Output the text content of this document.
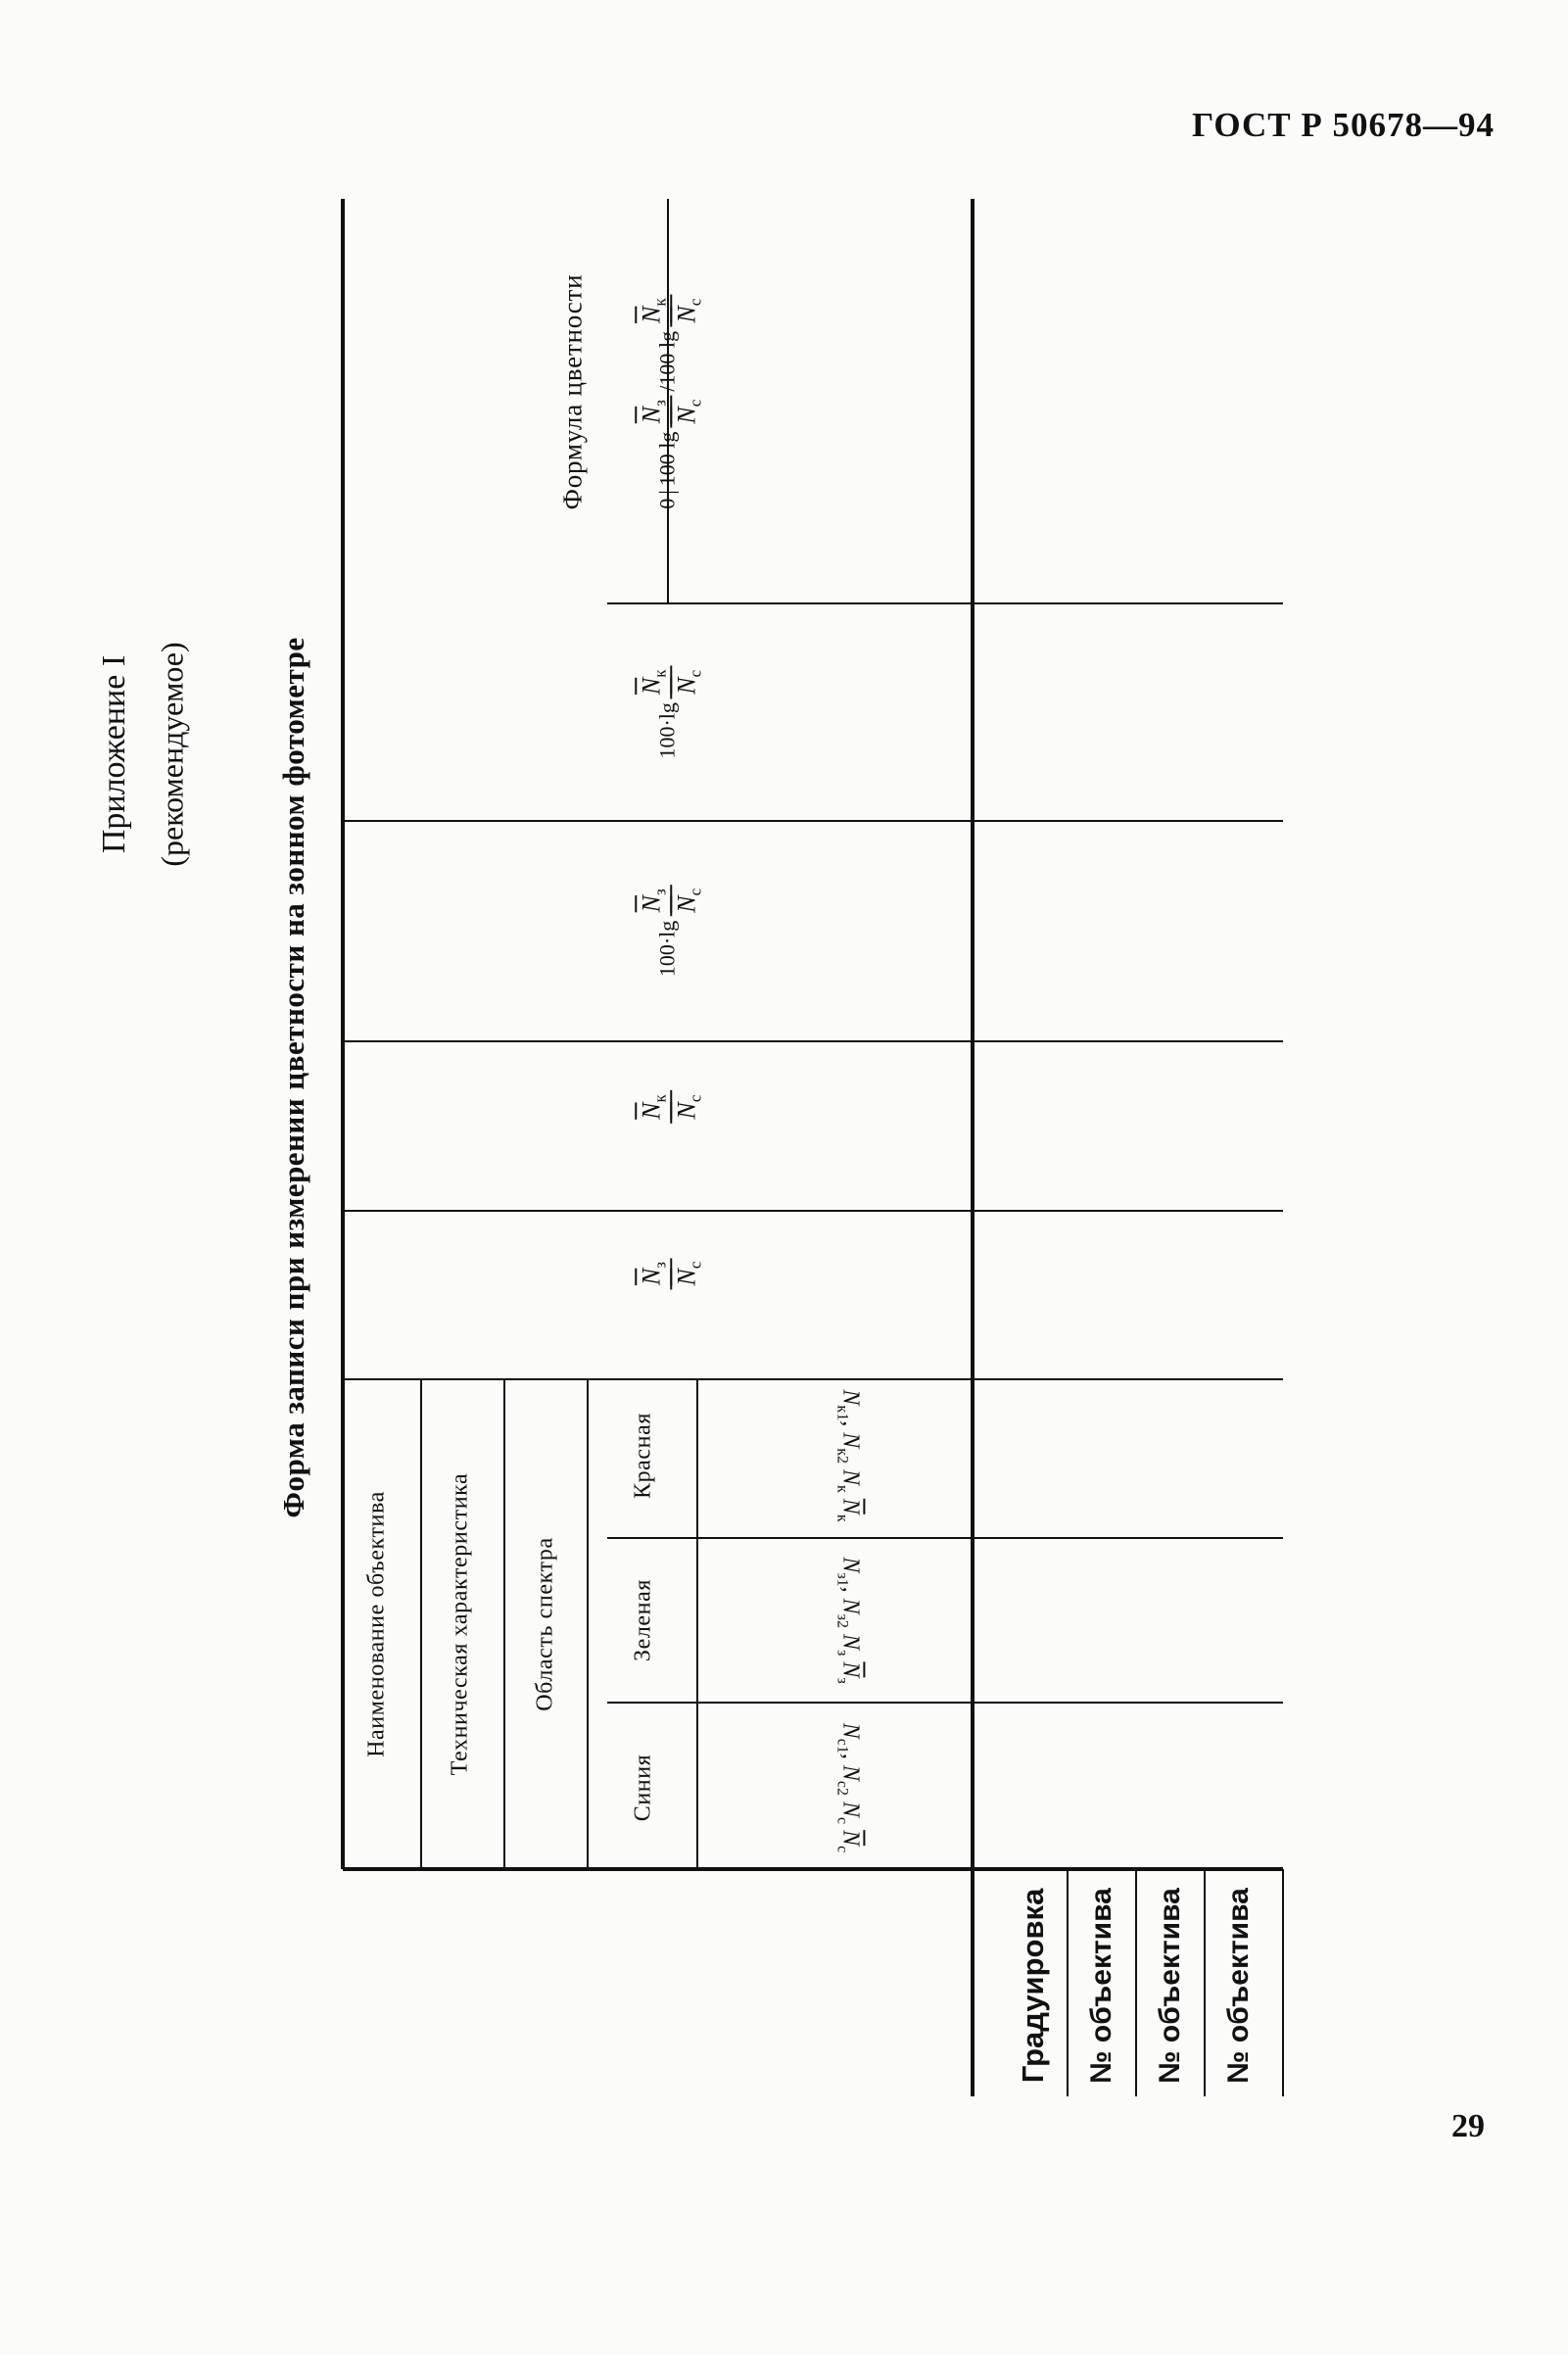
ГОСТ Р 50678—94
29
Приложение I (рекомендуемое)	Форма записи при измерении цветности на зонном фотометре
Наименование объектива Техническая характеристика	Область спектра
Синия
Зеленая
Красная
Формула цветности
$N_{с1}$, $N_{с2}$ $N_с$ $\overline{N}_с$
$N_{з1}$, $N_{з2}$ $N_з$ $\overline{N}_з$
$N_{к1}$, $N_{к2}$ $N_к$ $\overline{N}_к$
$\overline{N}_з$
$\overline{N}_с$
$\overline{N}_к$
$\overline{N}_с$
100·lg
$\overline{N}_з$
$\overline{N}_с$
100·lg
$\overline{N}_к$
$\overline{N}_с$
0 | 100 lg
$\overline{N}_з$
$\overline{N}_с$
/100 lg
$\overline{N}_к$
$\overline{N}_с$
Градуировка № объектива № объектива № объектива
